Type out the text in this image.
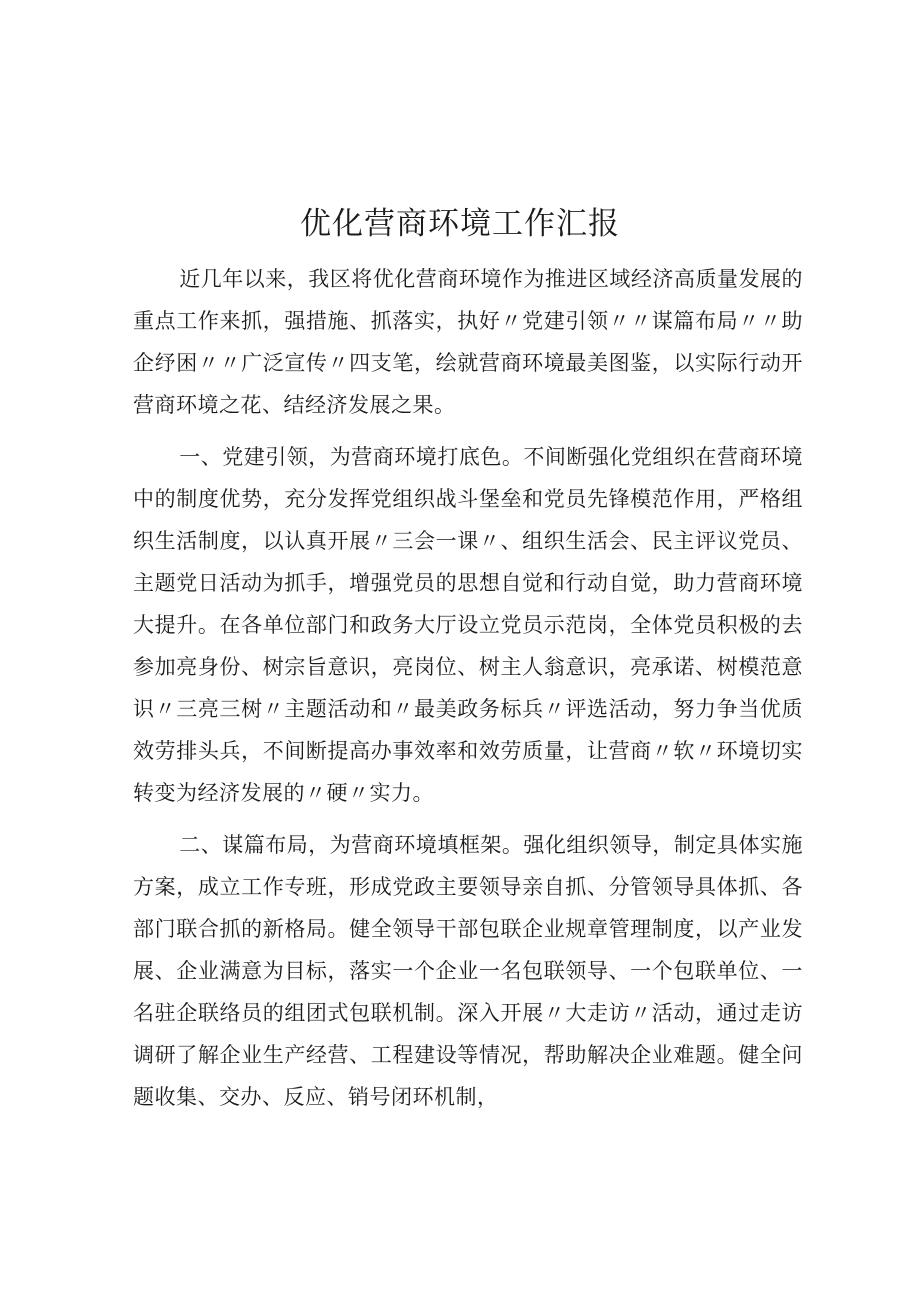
优化营商环境工作汇报

近几年以来，我区将优化营商环境作为推进区域经济高质量发展的重点工作来抓，强措施、抓落实，执好〃党建引领〃〃谋篇布局〃〃助企纾困〃〃广泛宣传〃四支笔，绘就营商环境最美图鉴，以实际行动开营商环境之花、结经济发展之果。

一、党建引领，为营商环境打底色。不间断强化党组织在营商环境中的制度优势，充分发挥党组织战斗堡垒和党员先锋模范作用，严格组织生活制度，以认真开展〃三会一课〃、组织生活会、民主评议党员、主题党日活动为抓手，增强党员的思想自觉和行动自觉，助力营商环境大提升。在各单位部门和政务大厅设立党员示范岗，全体党员积极的去参加亮身份、树宗旨意识，亮岗位、树主人翁意识，亮承诺、树模范意识〃三亮三树〃主题活动和〃最美政务标兵〃评选活动，努力争当优质效劳排头兵，不间断提高办事效率和效劳质量，让营商〃软〃环境切实转变为经济发展的〃硬〃实力。

二、谋篇布局，为营商环境填框架。强化组织领导，制定具体实施方案，成立工作专班，形成党政主要领导亲自抓、分管领导具体抓、各部门联合抓的新格局。健全领导干部包联企业规章管理制度，以产业发展、企业满意为目标，落实一个企业一名包联领导、一个包联单位、一名驻企联络员的组团式包联机制。深入开展〃大走访〃活动，通过走访调研了解企业生产经营、工程建设等情况，帮助解决企业难题。健全问题收集、交办、反应、销号闭环机制，
